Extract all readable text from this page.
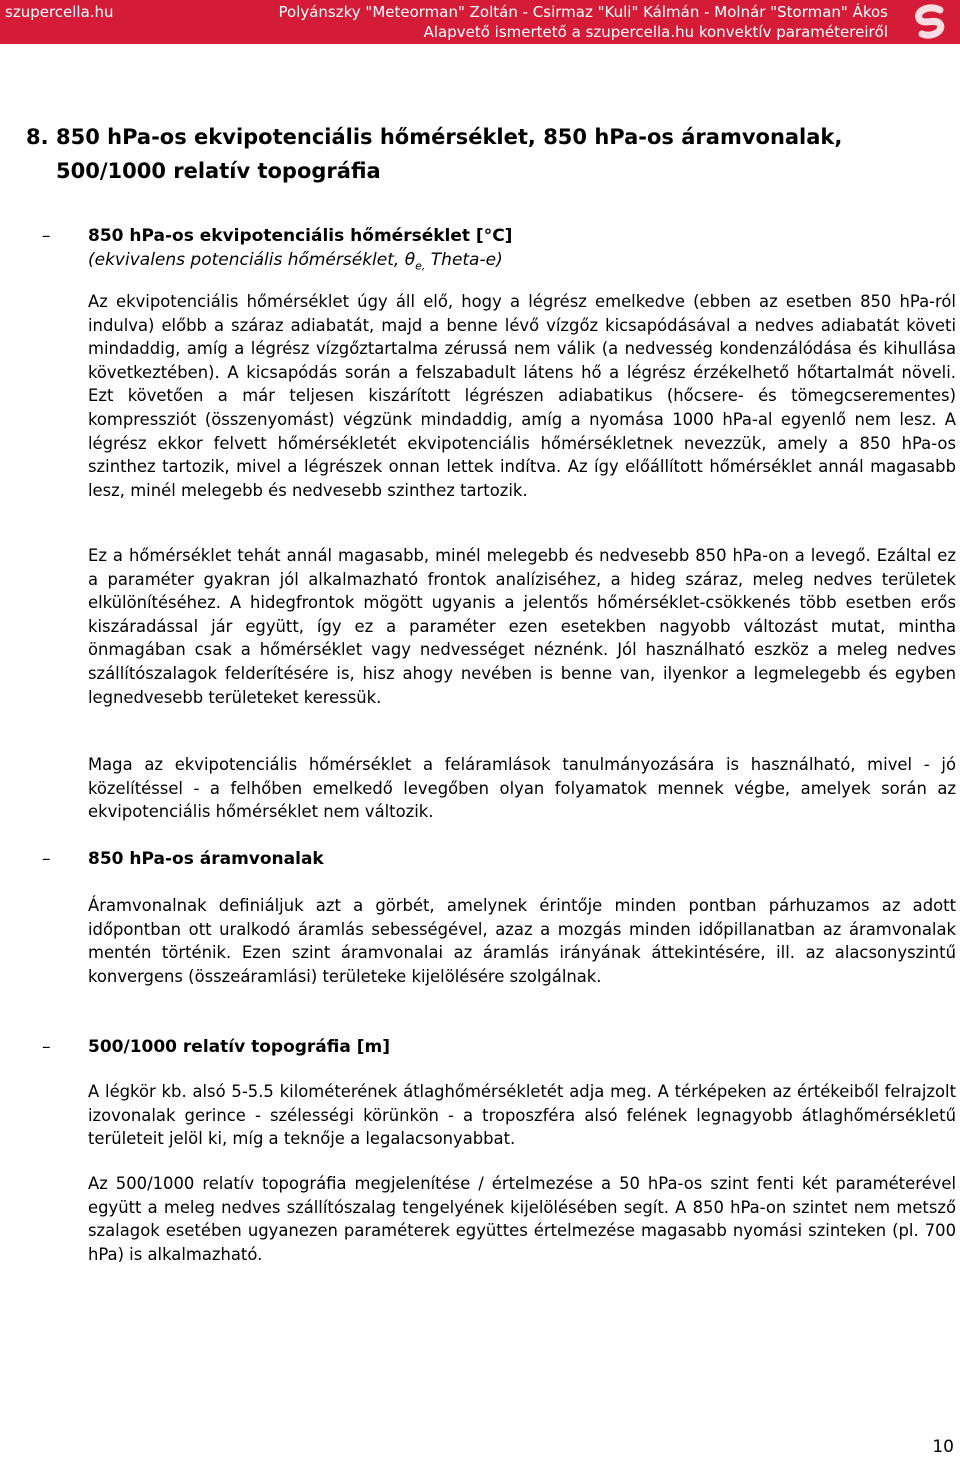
szupercella.hu	Polyánszky "Meteorman" Zoltán - Csirmaz "Kuli" Kálmán - Molnár "Storman" Ákos
Alapvető ismertető a szupercella.hu konvektív paramétereiről
8. 850 hPa-os ekvipotenciális hőmérséklet, 850 hPa-os áramvonalak, 500/1000 relatív topográfia
–	850 hPa-os ekvipotenciális hőmérséklet [°C]
(ekvivalens potenciális hőmérséklet, $\theta_{e,}$ Theta-e)
Az ekvipotenciális hőmérséklet úgy áll elő, hogy a légrész emelkedve (ebben az esetben 850 hPa-ról indulva) előbb a száraz adiabatát, majd a benne lévő vízgőz kicsapódásával a nedves adiabatát követi mindaddig, amíg a légrész vízgőztartalma zérussá nem válik (a nedvesség kondenzálódása és kihullása következtében). A kicsapódás során a felszabadult látens hő a légrész érzékelhető hőtartalmát növeli. Ezt követően a már teljesen kiszárított légrészen adiabatikus (hőcsere- és tömegcserementes) kompressziót (összenyomást) végzünk mindaddig, amíg a nyomása 1000 hPa-al egyenlő nem lesz. A légrész ekkor felvett hőmérsékletét ekvipotenciális hőmérsékletnek nevezzük, amely a 850 hPa-os szinthez tartozik, mivel a légrészek onnan lettek indítva. Az így előállított hőmérséklet annál magasabb lesz, minél melegebb és nedvesebb szinthez tartozik.
Ez a hőmérséklet tehát annál magasabb, minél melegebb és nedvesebb 850 hPa-on a levegő. Ezáltal ez a paraméter gyakran jól alkalmazható frontok analíziséhez, a hideg száraz, meleg nedves területek elkülönítéséhez. A hidegfrontok mögött ugyanis a jelentős hőmérséklet-csökkenés több esetben erős kiszáradással jár együtt, így ez a paraméter ezen esetekben nagyobb változást mutat, mintha önmagában csak a hőmérséklet vagy nedvességet néznénk. Jól használható eszköz a meleg nedves szállítószalagok felderítésére is, hisz ahogy nevében is benne van, ilyenkor a legmelegebb és egyben legnedvesebb területeket keressük.
Maga az ekvipotenciális hőmérséklet a feláramlások tanulmányozására is használható, mivel - jó közelítéssel - a felhőben emelkedő levegőben olyan folyamatok mennek végbe, amelyek során az ekvipotenciális hőmérséklet nem változik.
–	850 hPa-os áramvonalak
Áramvonalnak definiáljuk azt a görbét, amelynek érintője minden pontban párhuzamos az adott időpontban ott uralkodó áramlás sebességével, azaz a mozgás minden időpillanatban az áramvonalak mentén történik. Ezen szint áramvonalai az áramlás irányának áttekintésére, ill. az alacsonyszintű konvergens (összeáramlási) területeke kijelölésére szolgálnak.
–	500/1000 relatív topográfia [m]
A légkör kb. alsó 5-5.5 kilométerének átlaghőmérsékletét adja meg. A térképeken az értékeiből felrajzolt izovonalak gerince - szélességi körünkön - a troposzféra alsó felének legnagyobb átlaghőmérsékletű területeit jelöl ki, míg a teknője a legalacsonyabbat.
Az 500/1000 relatív topográfia megjelenítése / értelmezése a 50 hPa-os szint fenti két paraméterével együtt a meleg nedves szállítószalag tengelyének kijelölésében segít. A 850 hPa-on szintet nem metsző szalagok esetében ugyanezen paraméterek együttes értelmezése magasabb nyomási szinteken (pl. 700 hPa) is alkalmazható.
10
